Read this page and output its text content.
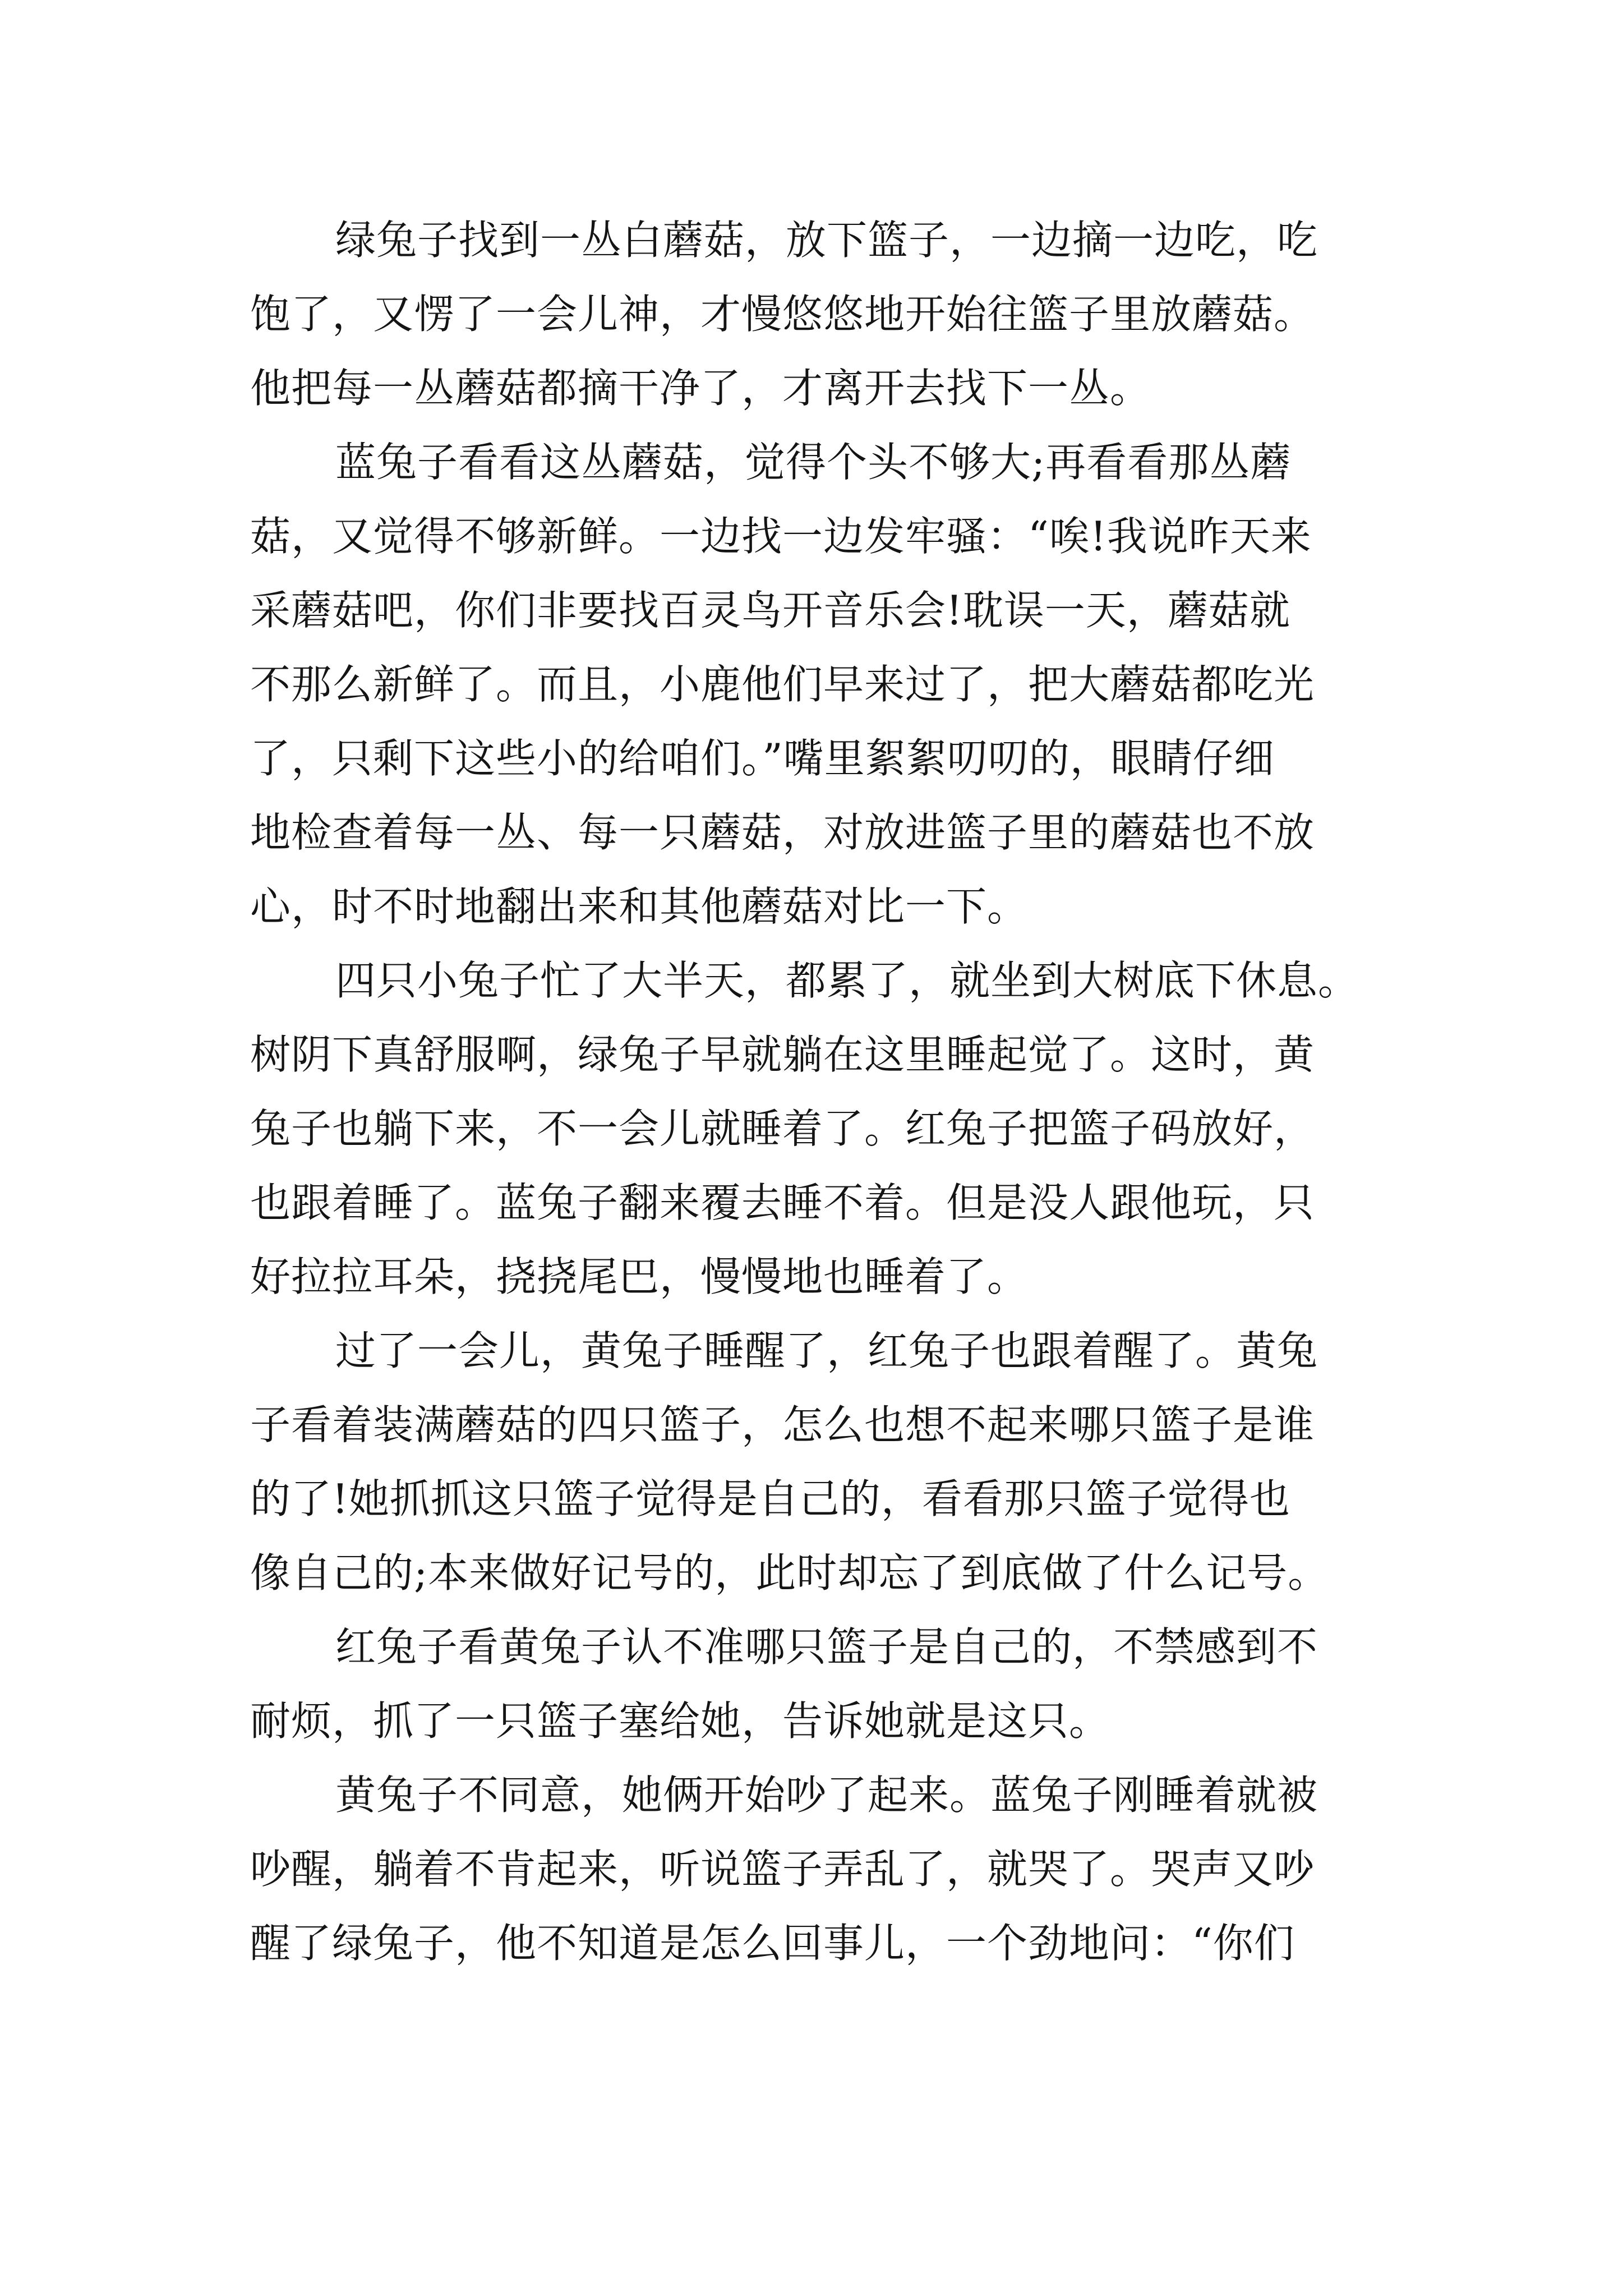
绿兔子找到一丛白蘑菇，放下篮子，一边摘一边吃，吃
饱了，又愣了一会儿神，才慢悠悠地开始往篮子里放蘑菇。
他把每一丛蘑菇都摘干净了，才离开去找下一丛。
蓝兔子看看这丛蘑菇，觉得个头不够大;再看看那丛蘑
菇，又觉得不够新鲜。一边找一边发牢骚：“唉!我说昨天来
采蘑菇吧，你们非要找百灵鸟开音乐会!耽误一天，蘑菇就
不那么新鲜了。而且，小鹿他们早来过了，把大蘑菇都吃光
了，只剩下这些小的给咱们。”嘴里絮絮叨叨的，眼睛仔细
地检查着每一丛、每一只蘑菇，对放进篮子里的蘑菇也不放
心，时不时地翻出来和其他蘑菇对比一下。
四只小兔子忙了大半天，都累了，就坐到大树底下休息。
树阴下真舒服啊，绿兔子早就躺在这里睡起觉了。这时，黄
兔子也躺下来，不一会儿就睡着了。红兔子把篮子码放好，
也跟着睡了。蓝兔子翻来覆去睡不着。但是没人跟他玩，只
好拉拉耳朵，挠挠尾巴，慢慢地也睡着了。
过了一会儿，黄兔子睡醒了，红兔子也跟着醒了。黄兔
子看着装满蘑菇的四只篮子，怎么也想不起来哪只篮子是谁
的了!她抓抓这只篮子觉得是自己的，看看那只篮子觉得也
像自己的;本来做好记号的，此时却忘了到底做了什么记号。
红兔子看黄兔子认不准哪只篮子是自己的，不禁感到不
耐烦，抓了一只篮子塞给她，告诉她就是这只。
黄兔子不同意，她俩开始吵了起来。蓝兔子刚睡着就被
吵醒，躺着不肯起来，听说篮子弄乱了，就哭了。哭声又吵
醒了绿兔子，他不知道是怎么回事儿，一个劲地问：“你们
